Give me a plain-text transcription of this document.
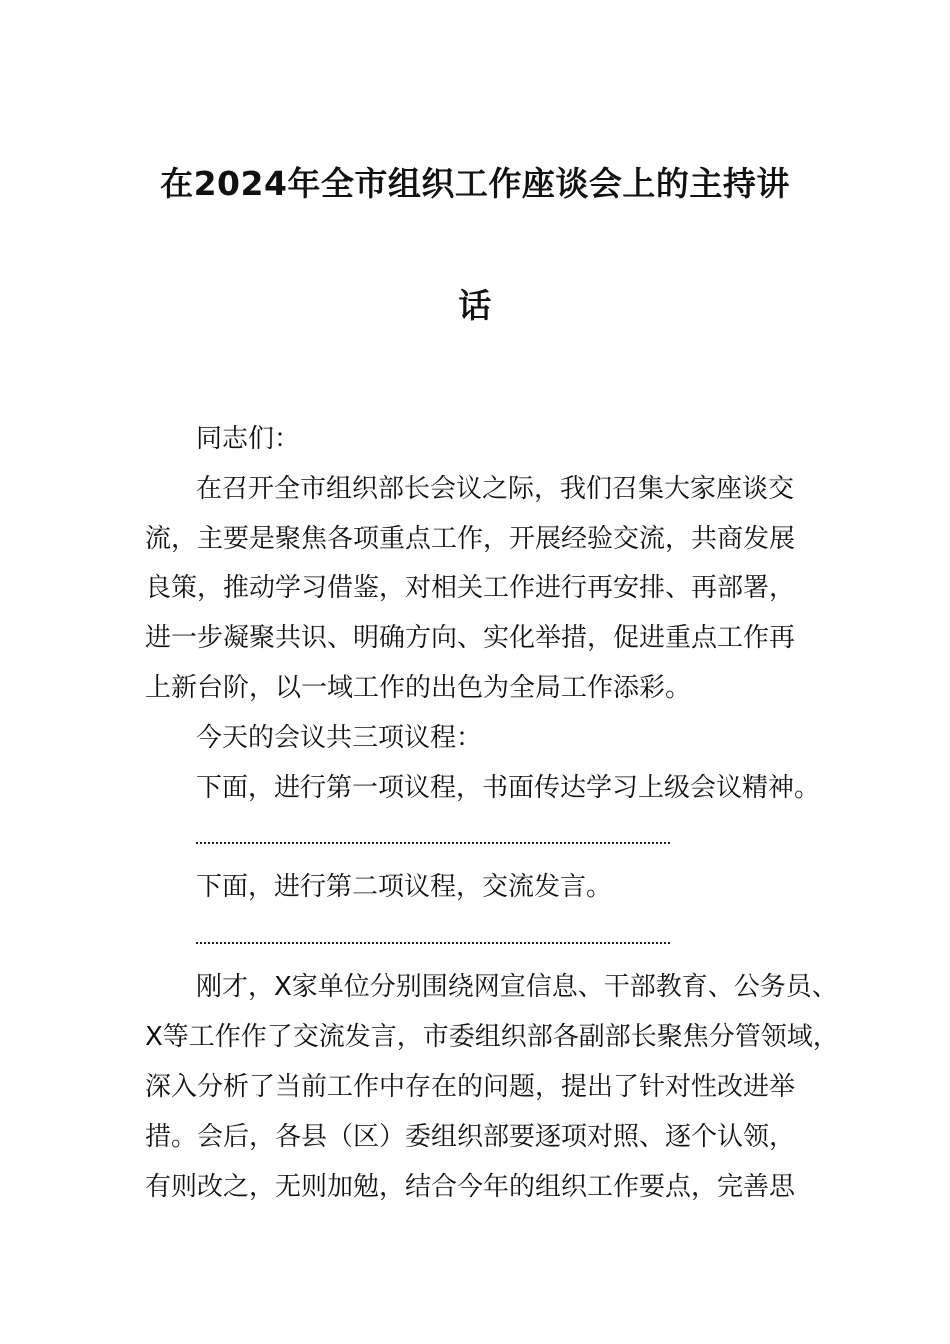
在2024年全市组织工作座谈会上的主持讲
话
同志们：
在召开全市组织部长会议之际，我们召集大家座谈交
流，主要是聚焦各项重点工作，开展经验交流，共商发展
良策，推动学习借鉴，对相关工作进行再安排、再部署，
进一步凝聚共识、明确方向、实化举措，促进重点工作再
上新台阶，以一域工作的出色为全局工作添彩。
今天的会议共三项议程：
下面，进行第一项议程，书面传达学习上级会议精神。
下面，进行第二项议程，交流发言。
刚才，X家单位分别围绕网宣信息、干部教育、公务员、
X等工作作了交流发言，市委组织部各副部长聚焦分管领域，
深入分析了当前工作中存在的问题，提出了针对性改进举
措。会后，各县（区）委组织部要逐项对照、逐个认领，
有则改之，无则加勉，结合今年的组织工作要点，完善思
